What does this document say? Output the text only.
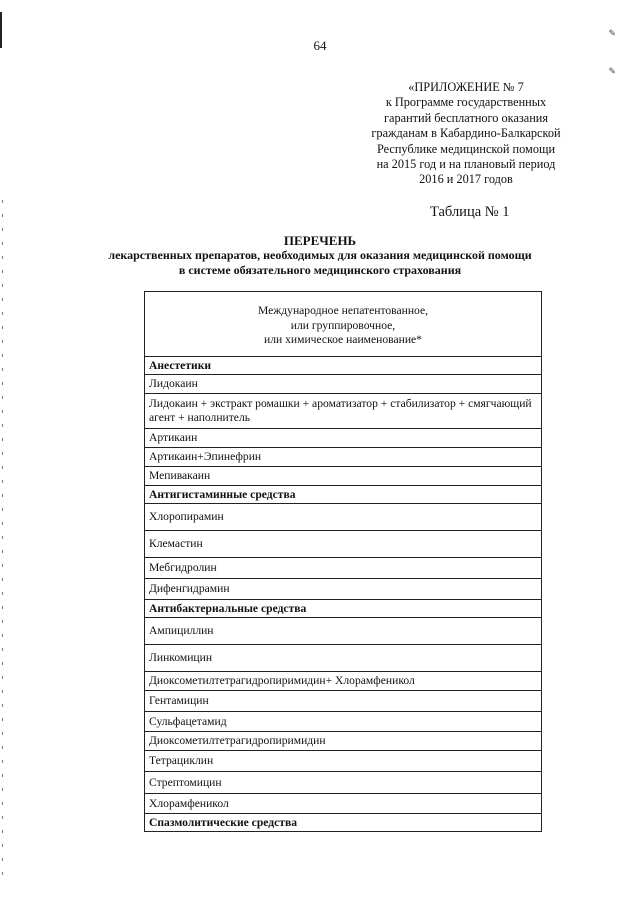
✎
✎
64
«ПРИЛОЖЕНИЕ № 7
к Программе государственных
гарантий бесплатного оказания
гражданам в Кабардино-Балкарской
Республике медицинской помощи
на 2015 год и на плановый период
2016 и 2017 годов
Таблица № 1
ПЕРЕЧЕНЬ
лекарственных препаратов, необходимых для оказания медицинской помощи
в системе обязательного медицинского страхования
Международное непатентованное,
или группировочное,
или химическое наименование*

Анестетики
Лидокаин
Лидокаин + экстракт ромашки + ароматизатор + стабилизатор + смягчающий агент + наполнитель
Артикаин
Артикаин+Эпинефрин
Мепивакаин
Антигистаминные средства
Хлоропирамин
Клемастин
Мебгидролин
Дифенгидрамин
Антибактериальные средства
Ампициллин
Линкомицин
Диоксометилтетрагидропиримидин+ Хлорамфеникол
Гентамицин
Сульфацетамид
Диоксометилтетрагидропиримидин
Тетрациклин
Стрептомицин
Хлорамфеникол
Спазмолитические средства
